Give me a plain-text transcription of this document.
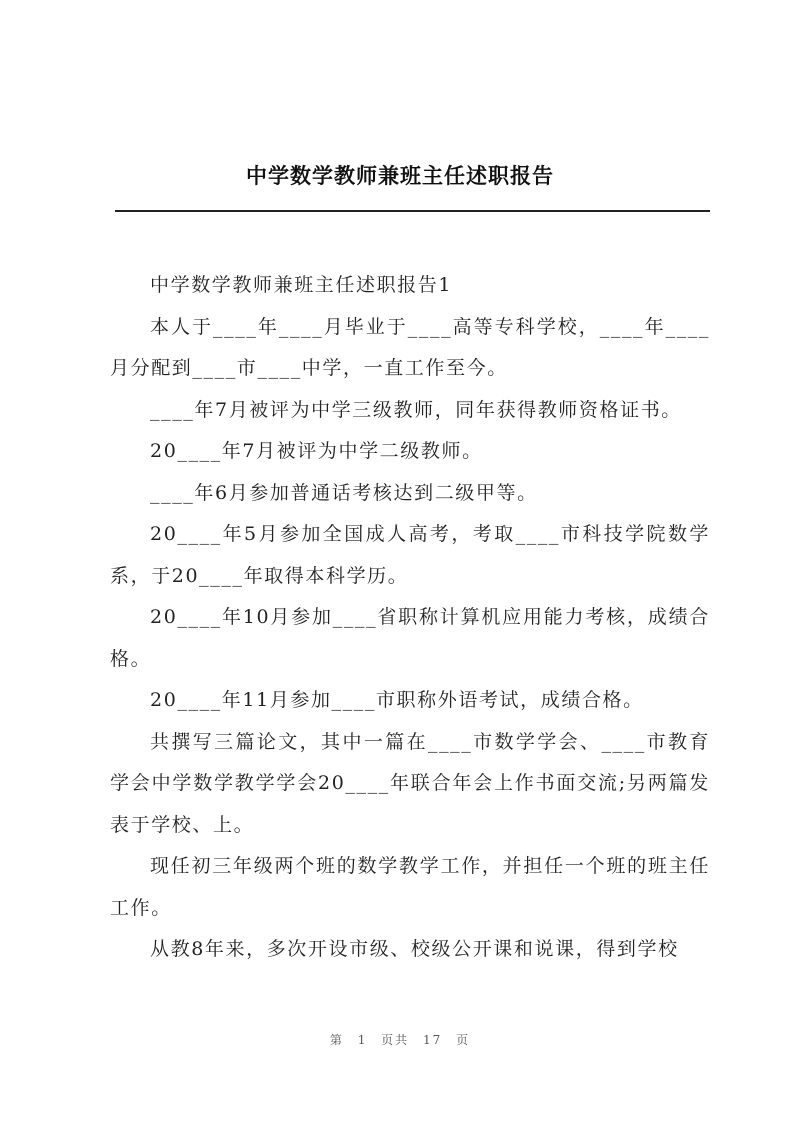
中学数学教师兼班主任述职报告

中学数学教师兼班主任述职报告1

本人于____年____月毕业于____高等专科学校，____年____月分配到____市____中学，一直工作至今。

____年7月被评为中学三级教师，同年获得教师资格证书。

20____年7月被评为中学二级教师。

____年6月参加普通话考核达到二级甲等。

20____年5月参加全国成人高考，考取____市科技学院数学系，于20____年取得本科学历。

20____年10月参加____省职称计算机应用能力考核，成绩合格。

20____年11月参加____市职称外语考试，成绩合格。

共撰写三篇论文，其中一篇在____市数学学会、____市教育学会中学数学教学学会20____年联合年会上作书面交流;另两篇发表于学校、上。

现任初三年级两个班的数学教学工作，并担任一个班的班主任工作。

从教8年来，多次开设市级、校级公开课和说课，得到学校

第 1 页共 17 页
